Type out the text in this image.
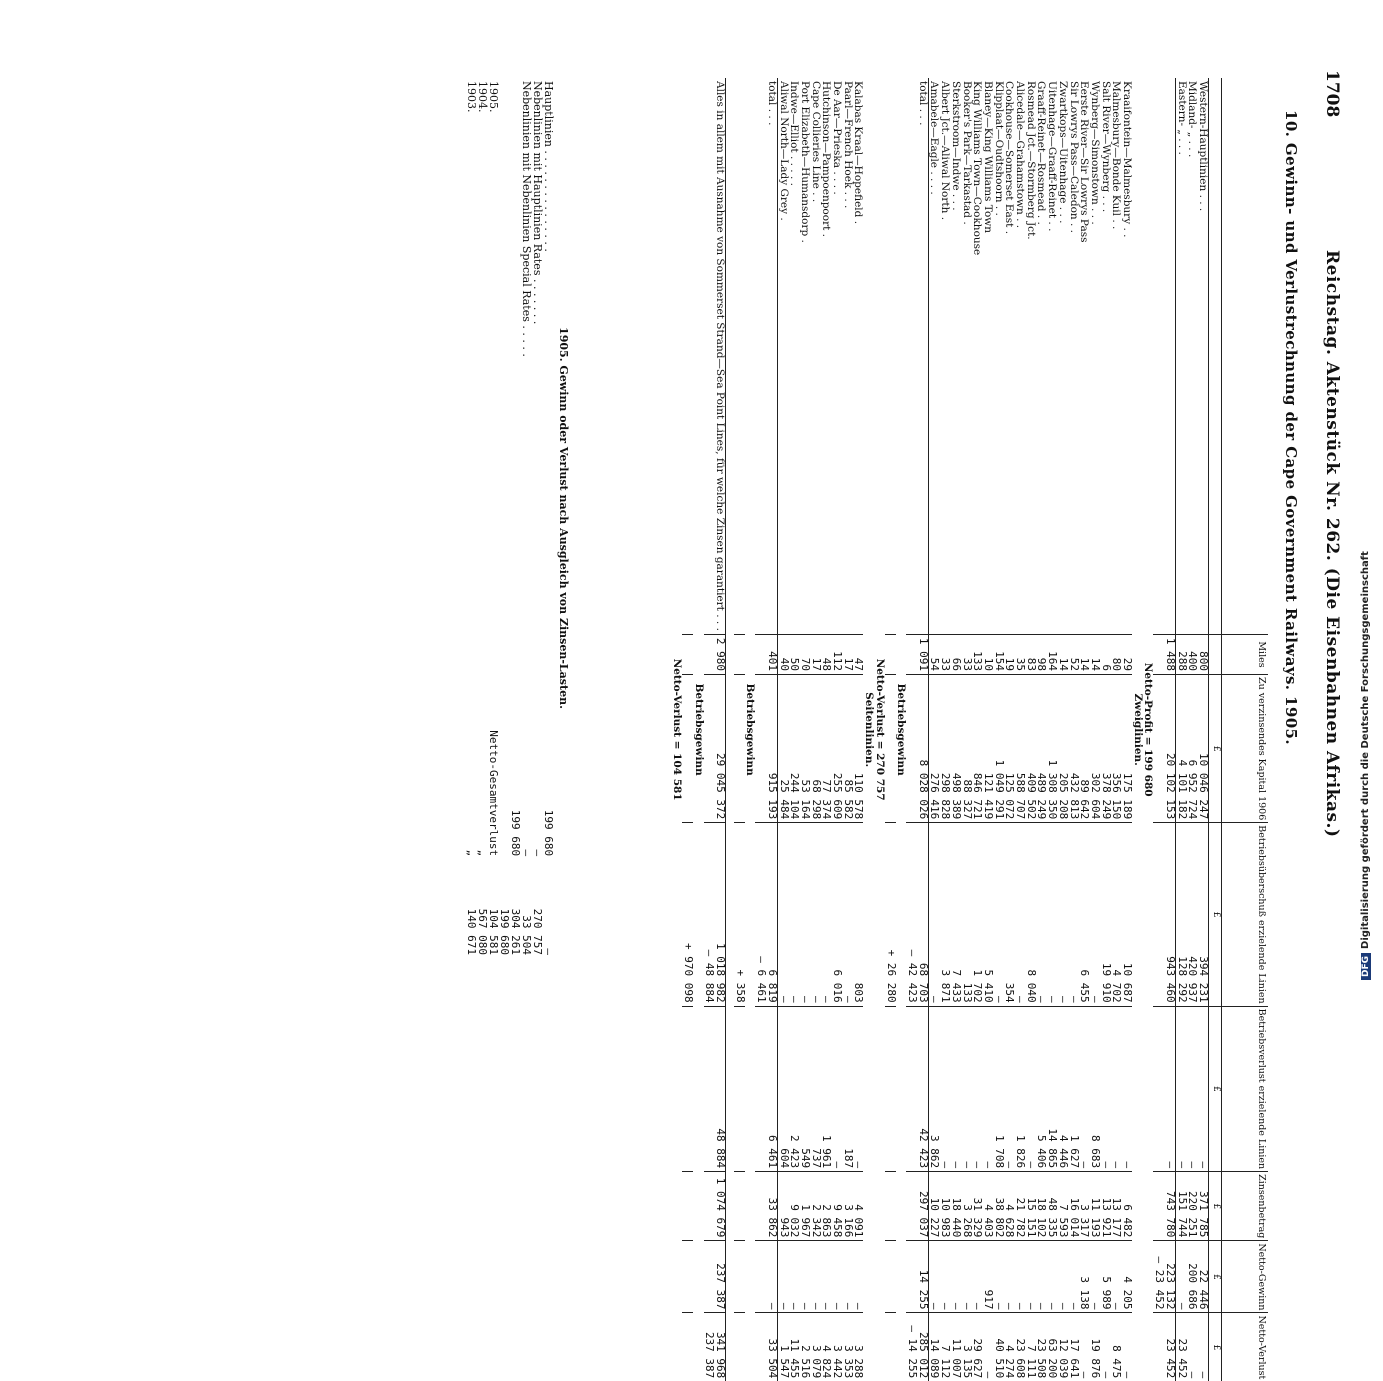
1708
Reichstag. Aktenstück Nr. 262. (Die Eisenbahnen Afrikas.)
10. Gewinn- und Verlustrechnung der Cape Government Railways. 1905.
	Miles	Zu verzinsendes Kapital 1906	Betriebsüberschuß erzielende Linien	Betriebsverlust erzielende Linien	Zinsenbetrag	Netto-Gewinn	Netto-Verlust
		£	£	£	£	£	£
Western-Hauptlinien . . .	800	10 046 247	394 231	—	371 785	22 446	—
Midland- „ . . .	400	6 952 724	420 937	—	220 251	200 686	—
Eastern- „ . . .	288	4 101 182	128 292	—	151 744	—	23 452
	1 488	20 102 153	943 460	—	743 780	223 132	23 452
						— 23 452	
Netto-Profit = 199 680							
Zweiglinien.							
Kraaifontein—Malmesbury . .	29	175 189	10 687	—	6 482	4 205	—
Malmesbury—Bonde Kuil . .	80	356 150	4 702	—	13 177	—	8 475
Salt River—Wynberg . . .	6	378 249	19 910	—	13 921	5 989	—
Wynberg—Simonstown . . .	14	302 604	—	8 683	11 193	—	19 876
Eerste River—Sir Lowrys Pass	14	89 642	6 455	—	3 317	3 138	—
Sir Lowrys Pass—Caledon . .	52	432 813	—	1 627	16 014	—	17 641
Zwartkops—Uitenhage . . .	14	205 208	—	4 446	7 593	—	12 039
Uitenhage—Graaff-Reinet . .	164	1 308 350	—	14 865	48 335	—	63 200
Graaff-Reinet—Rosmead . .	98	489 249	—	5 406	18 102	—	23 508
Rosmead Jct.—Stormberg Jct.	83	409 502	8 040	—	15 151	—	7 111
Alicedale—Grahamstown . .	35	588 707	—	1 826	21 782	—	23 608
Cookhouse—Somerset East .	19	125 072	354	—	4 628	—	4 274
Klipplaat—Oudtshoorn . .	154	1 049 291	—	1 708	38 802	—	40 510
Blaney—King Williams Town	10	121 419	5 410	—	4 403	917	—
King Williams Town—Cookhouse	133	846 721	1 702	—	31 329	—	29 627
Booker's Park—Tarkastad .	33	88 327	133	—	3 268	—	3 135
Sterkstroom—Indwe . . .	66	498 389	7 433	—	18 440	—	11 007
Albert Jct.—Aliwal North .	33	298 828	3 871	—	10 983	—	7 112
Amabele—Eagle . . . .	54	276 416	—	3 862	10 227	—	14 089
total . . .	1 091	8 028 026	68 703	42 423	297 037	14 255	285 012
			— 42 423				— 14 255
Betriebsgewinn							
			+ 26 280				
Netto-Verlust = 270 757							
Seitenlinien.							
Kalabas Kraal—Hopefield .	47	110 578	803	—	4 091	—	3 288
Paarl—French Hoek . . .	17	85 582	—	187	3 166	—	3 353
De Aar—Prieska . . . .	112	255 609	6 016	—	9 458	—	3 442
Hutchinson—Pampoenpoort .	48	77 374	—	1 961	2 863	—	4 824
Cape Collieries Line . .	17	68 298	—	737	2 342	—	3 079
Port Elizabeth—Humansdorp .	70	53 164	—	549	1 967	—	2 516
Indwe—Elliot . . . . .	50	244 104	—	2 423	9 032	—	11 455
Aliwal North—Lady Grey .	40	25 484	—	604	943	—	1 547
total . . .	401	915 193	6 819	6 461	33 862	—	33 504
			— 6 461				
Betriebsgewinn							
			+ 358				

Alles in allem mit Ausnahme von Sommerset Strand—Sea Point Lines, für welche Zinsen garantiert . . .	2 980	29 045 372	1 018 982	48 884	1 074 679	237 387	341 968
			— 48 884				237 387
Betriebsgewinn							
			+ 970 098				
Netto-Verlust = 104 581							
1905. Gewinn oder Verlust nach Ausgleich von Zinsen-Lasten.
Hauptlinien . . . . . . . . . . . . . . .	199 680	—
Nebenlinien mit Hauptlinien Rates . . . . . . .	—	270 757
Nebenlinien mit Nebenlinien Special Rates . . . . .	—	33 504
	199 680	304 261
		199 680
1905.	Netto-Gesamtverlust	104 581
1904.	„	567 080
1903.	„	140 671
DFGDigitalisierung gefördert durch die Deutsche Forschungsgemeinschaft
